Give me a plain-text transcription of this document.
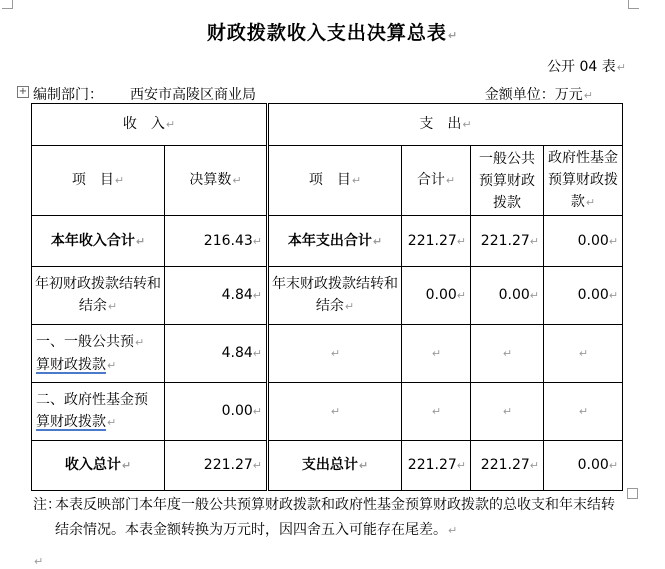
财政拨款收入支出决算总表↵
公开 04 表↵
+ 编制部门： 西安市高陵区商业局	金额单位：万元↵
收　入↵		支　出↵			
项　目↵	决算数↵	项　目↵	合计↵	一般公共预算财政拨款	政府性基金预算财政拨款↵
本年收入合计↵	216.43↵	本年支出合计↵	221.27↵	221.27↵	0.00↵
年初财政拨款结转和结余↵	4.84↵	年末财政拨款结转和结余↵	0.00↵	0.00↵	0.00↵
一、一般公共预↵
算财政拨款↵	4.84↵	↵	↵	↵	↵
二、政府性基金预
算财政拨款↵	0.00↵	↵	↵	↵	↵
收入总计↵	221.27↵	支出总计↵	221.27↵	221.27↵	0.00↵
注：
本表反映部门本年度一般公共预算财政拨款和政府性基金预算财政拨款的总收支和年末结转结余情况。本表金额转换为万元时，因四舍五入可能存在尾差。↵
↵
